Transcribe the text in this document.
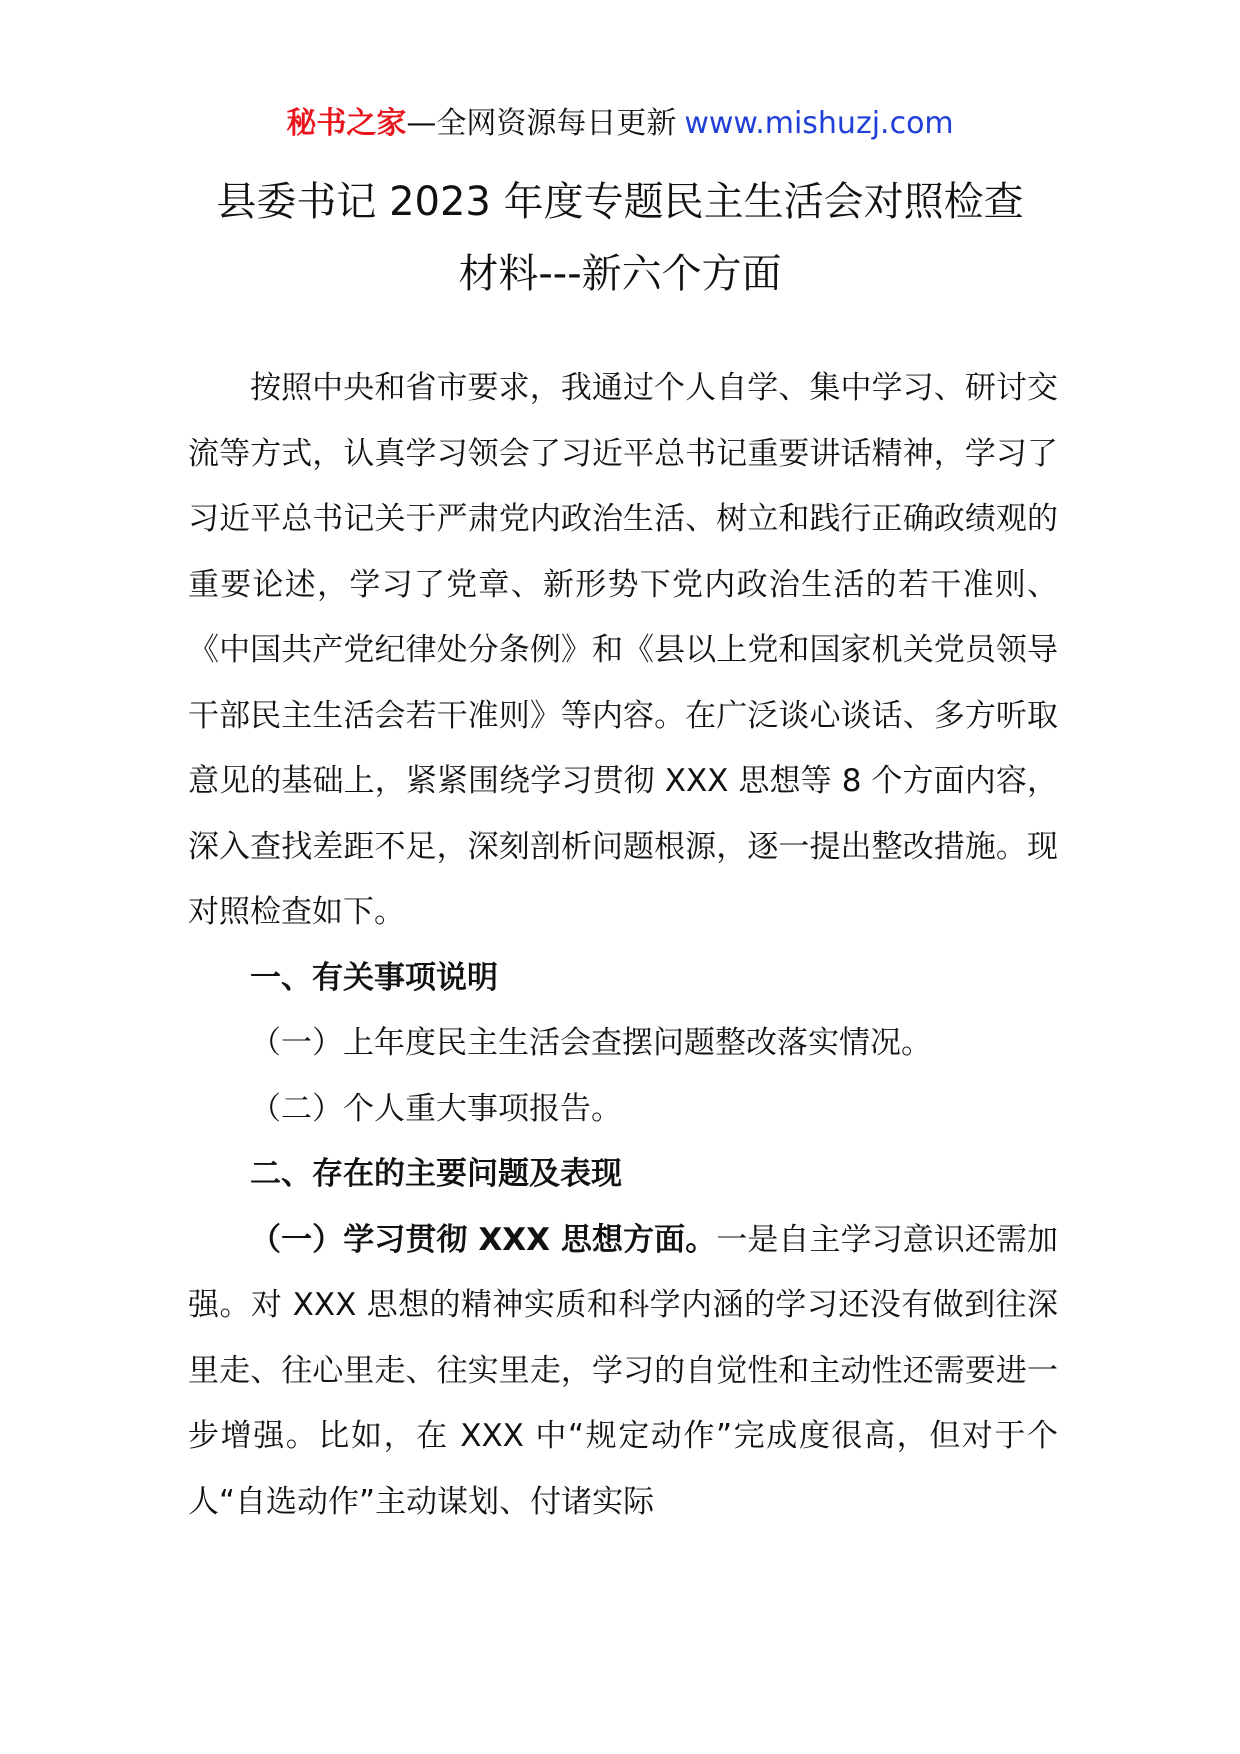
秘书之家—全网资源每日更新 www.mishuzj.com
县委书记 2023 年度专题民主生活会对照检查
材料---新六个方面

按照中央和省市要求，我通过个人自学、集中学习、研讨交流等方式，认真学习领会了习近平总书记重要讲话精神，学习了习近平总书记关于严肃党内政治生活、树立和践行正确政绩观的重要论述，学习了党章、新形势下党内政治生活的若干准则、《中国共产党纪律处分条例》和《县以上党和国家机关党员领导干部民主生活会若干准则》等内容。在广泛谈心谈话、多方听取意见的基础上，紧紧围绕学习贯彻 XXX 思想等 8 个方面内容，深入查找差距不足，深刻剖析问题根源，逐一提出整改措施。现对照检查如下。

一、有关事项说明

（一）上年度民主生活会查摆问题整改落实情况。

（二）个人重大事项报告。

二、存在的主要问题及表现

（一）学习贯彻 XXX 思想方面。一是自主学习意识还需加强。对 XXX 思想的精神实质和科学内涵的学习还没有做到往深里走、往心里走、往实里走，学习的自觉性和主动性还需要进一步增强。比如，在 XXX 中“规定动作”完成度很高，但对于个人“自选动作”主动谋划、付诸实际
